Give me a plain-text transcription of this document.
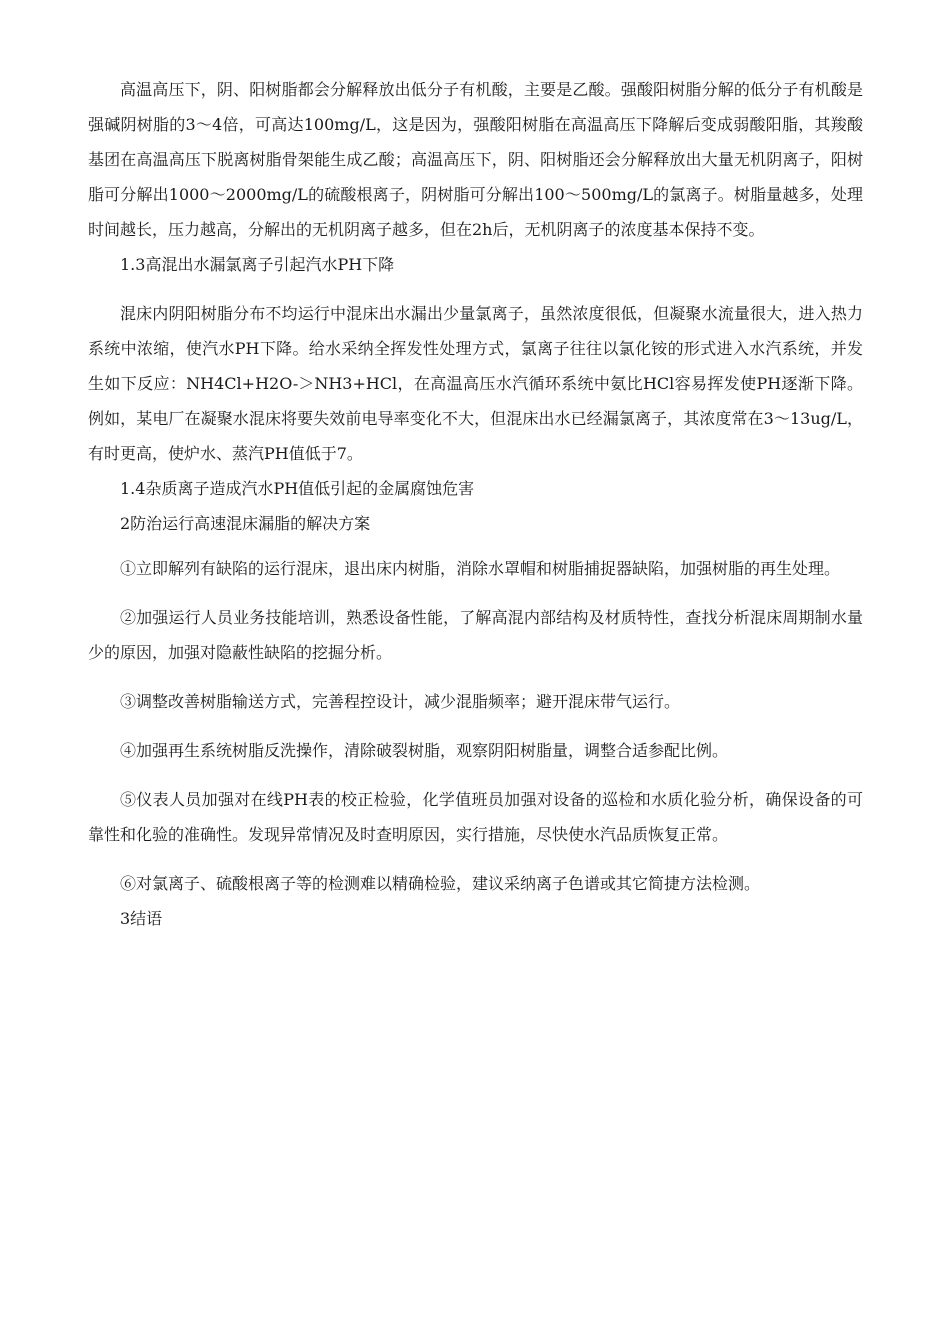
高温高压下，阴、阳树脂都会分解释放出低分子有机酸，主要是乙酸。强酸阳树脂分解的低分子有机酸是强碱阴树脂的3～4倍，可高达100mg/L，这是因为，强酸阳树脂在高温高压下降解后变成弱酸阳脂，其羧酸基团在高温高压下脱离树脂骨架能生成乙酸；高温高压下，阴、阳树脂还会分解释放出大量无机阴离子，阳树脂可分解出1000～2000mg/L的硫酸根离子，阴树脂可分解出100～500mg/L的氯离子。树脂量越多，处理时间越长，压力越高，分解出的无机阴离子越多，但在2h后，无机阴离子的浓度基本保持不变。

1.3高混出水漏氯离子引起汽水PH下降

混床内阴阳树脂分布不均运行中混床出水漏出少量氯离子，虽然浓度很低，但凝聚水流量很大，进入热力系统中浓缩，使汽水PH下降。给水采纳全挥发性处理方式，氯离子往往以氯化铵的形式进入水汽系统，并发生如下反应：NH4Cl+H2O-＞NH3+HCl，在高温高压水汽循环系统中氨比HCl容易挥发使PH逐渐下降。例如，某电厂在凝聚水混床将要失效前电导率变化不大，但混床出水已经漏氯离子，其浓度常在3～13ug/L，有时更高，使炉水、蒸汽PH值低于7。

1.4杂质离子造成汽水PH值低引起的金属腐蚀危害

2防治运行高速混床漏脂的解决方案

①立即解列有缺陷的运行混床，退出床内树脂，消除水罩帽和树脂捕捉器缺陷，加强树脂的再生处理。

②加强运行人员业务技能培训，熟悉设备性能，了解高混内部结构及材质特性，查找分析混床周期制水量少的原因，加强对隐蔽性缺陷的挖掘分析。

③调整改善树脂输送方式，完善程控设计，减少混脂频率；避开混床带气运行。

④加强再生系统树脂反洗操作，清除破裂树脂，观察阴阳树脂量，调整合适参配比例。

⑤仪表人员加强对在线PH表的校正检验，化学值班员加强对设备的巡检和水质化验分析，确保设备的可靠性和化验的准确性。发现异常情况及时查明原因，实行措施，尽快使水汽品质恢复正常。

⑥对氯离子、硫酸根离子等的检测难以精确检验，建议采纳离子色谱或其它简捷方法检测。

3结语
